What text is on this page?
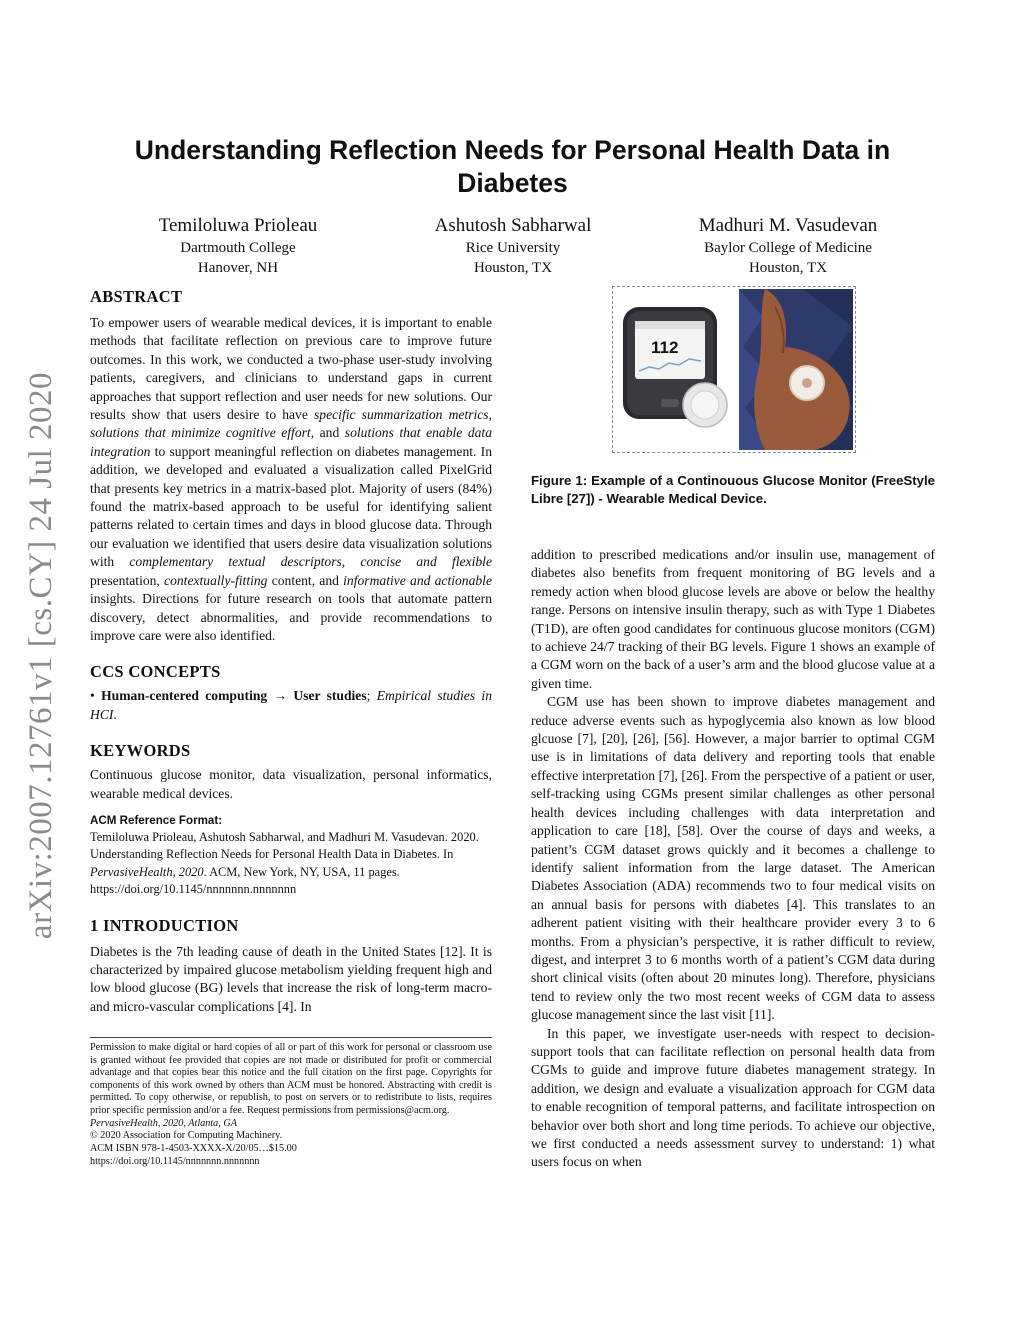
arXiv:2007.12761v1 [cs.CY] 24 Jul 2020
Understanding Reflection Needs for Personal Health Data in Diabetes
Temiloluwa Prioleau
Dartmouth College
Hanover, NH
Ashutosh Sabharwal
Rice University
Houston, TX
Madhuri M. Vasudevan
Baylor College of Medicine
Houston, TX
ABSTRACT

To empower users of wearable medical devices, it is important to enable methods that facilitate reflection on previous care to improve future outcomes. In this work, we conducted a two-phase user-study involving patients, caregivers, and clinicians to understand gaps in current approaches that support reflection and user needs for new solutions. Our results show that users desire to have specific summarization metrics, solutions that minimize cognitive effort, and solutions that enable data integration to support meaningful reflection on diabetes management. In addition, we developed and evaluated a visualization called PixelGrid that presents key metrics in a matrix-based plot. Majority of users (84%) found the matrix-based approach to be useful for identifying salient patterns related to certain times and days in blood glucose data. Through our evaluation we identified that users desire data visualization solutions with complementary textual descriptors, concise and flexible presentation, contextually-fitting content, and informative and actionable insights. Directions for future research on tools that automate pattern discovery, detect abnormalities, and provide recommendations to improve care were also identified.

CCS CONCEPTS

• Human-centered computing → User studies; Empirical studies in HCI.

KEYWORDS

Continuous glucose monitor, data visualization, personal informatics, wearable medical devices.

ACM Reference Format:

Temiloluwa Prioleau, Ashutosh Sabharwal, and Madhuri M. Vasudevan. 2020. Understanding Reflection Needs for Personal Health Data in Diabetes. In PervasiveHealth, 2020. ACM, New York, NY, USA, 11 pages. https://doi.org/10.1145/nnnnnnn.nnnnnnn

1 INTRODUCTION

Diabetes is the 7th leading cause of death in the United States [12]. It is characterized by impaired glucose metabolism yielding frequent high and low blood glucose (BG) levels that increase the risk of long-term macro- and micro-vascular complications [4]. In

Permission to make digital or hard copies of all or part of this work for personal or classroom use is granted without fee provided that copies are not made or distributed for profit or commercial advantage and that copies bear this notice and the full citation on the first page. Copyrights for components of this work owned by others than ACM must be honored. Abstracting with credit is permitted. To copy otherwise, or republish, to post on servers or to redistribute to lists, requires prior specific permission and/or a fee. Request permissions from permissions@acm.org.

PervasiveHealth, 2020, Atlanta, GA
© 2020 Association for Computing Machinery.
ACM ISBN 978-1-4503-XXXX-X/20/05…$15.00
https://doi.org/10.1145/nnnnnnn.nnnnnnn
112
Figure 1: Example of a Continouous Glucose Monitor (FreeStyle Libre [27]) - Wearable Medical Device.

addition to prescribed medications and/or insulin use, management of diabetes also benefits from frequent monitoring of BG levels and a remedy action when blood glucose levels are above or below the healthy range. Persons on intensive insulin therapy, such as with Type 1 Diabetes (T1D), are often good candidates for continuous glucose monitors (CGM) to achieve 24/7 tracking of their BG levels. Figure 1 shows an example of a CGM worn on the back of a user’s arm and the blood glucose value at a given time.

CGM use has been shown to improve diabetes management and reduce adverse events such as hypoglycemia also known as low blood glcuose [7], [20], [26], [56]. However, a major barrier to optimal CGM use is in limitations of data delivery and reporting tools that enable effective interpretation [7], [26]. From the perspective of a patient or user, self-tracking using CGMs present similar challenges as other personal health devices including challenges with data interpretation and application to care [18], [58]. Over the course of days and weeks, a patient’s CGM dataset grows quickly and it becomes a challenge to identify salient information from the large dataset. The American Diabetes Association (ADA) recommends two to four medical visits on an annual basis for persons with diabetes [4]. This translates to an adherent patient visiting with their healthcare provider every 3 to 6 months. From a physician’s perspective, it is rather difficult to review, digest, and interpret 3 to 6 months worth of a patient’s CGM data during short clinical visits (often about 20 minutes long). Therefore, physicians tend to review only the two most recent weeks of CGM data to assess glucose management since the last visit [11].

In this paper, we investigate user-needs with respect to decision-support tools that can facilitate reflection on personal health data from CGMs to guide and improve future diabetes management strategy. In addition, we design and evaluate a visualization approach for CGM data to enable recognition of temporal patterns, and facilitate introspection on behavior over both short and long time periods. To achieve our objective, we first conducted a needs assessment survey to understand: 1) what users focus on when
